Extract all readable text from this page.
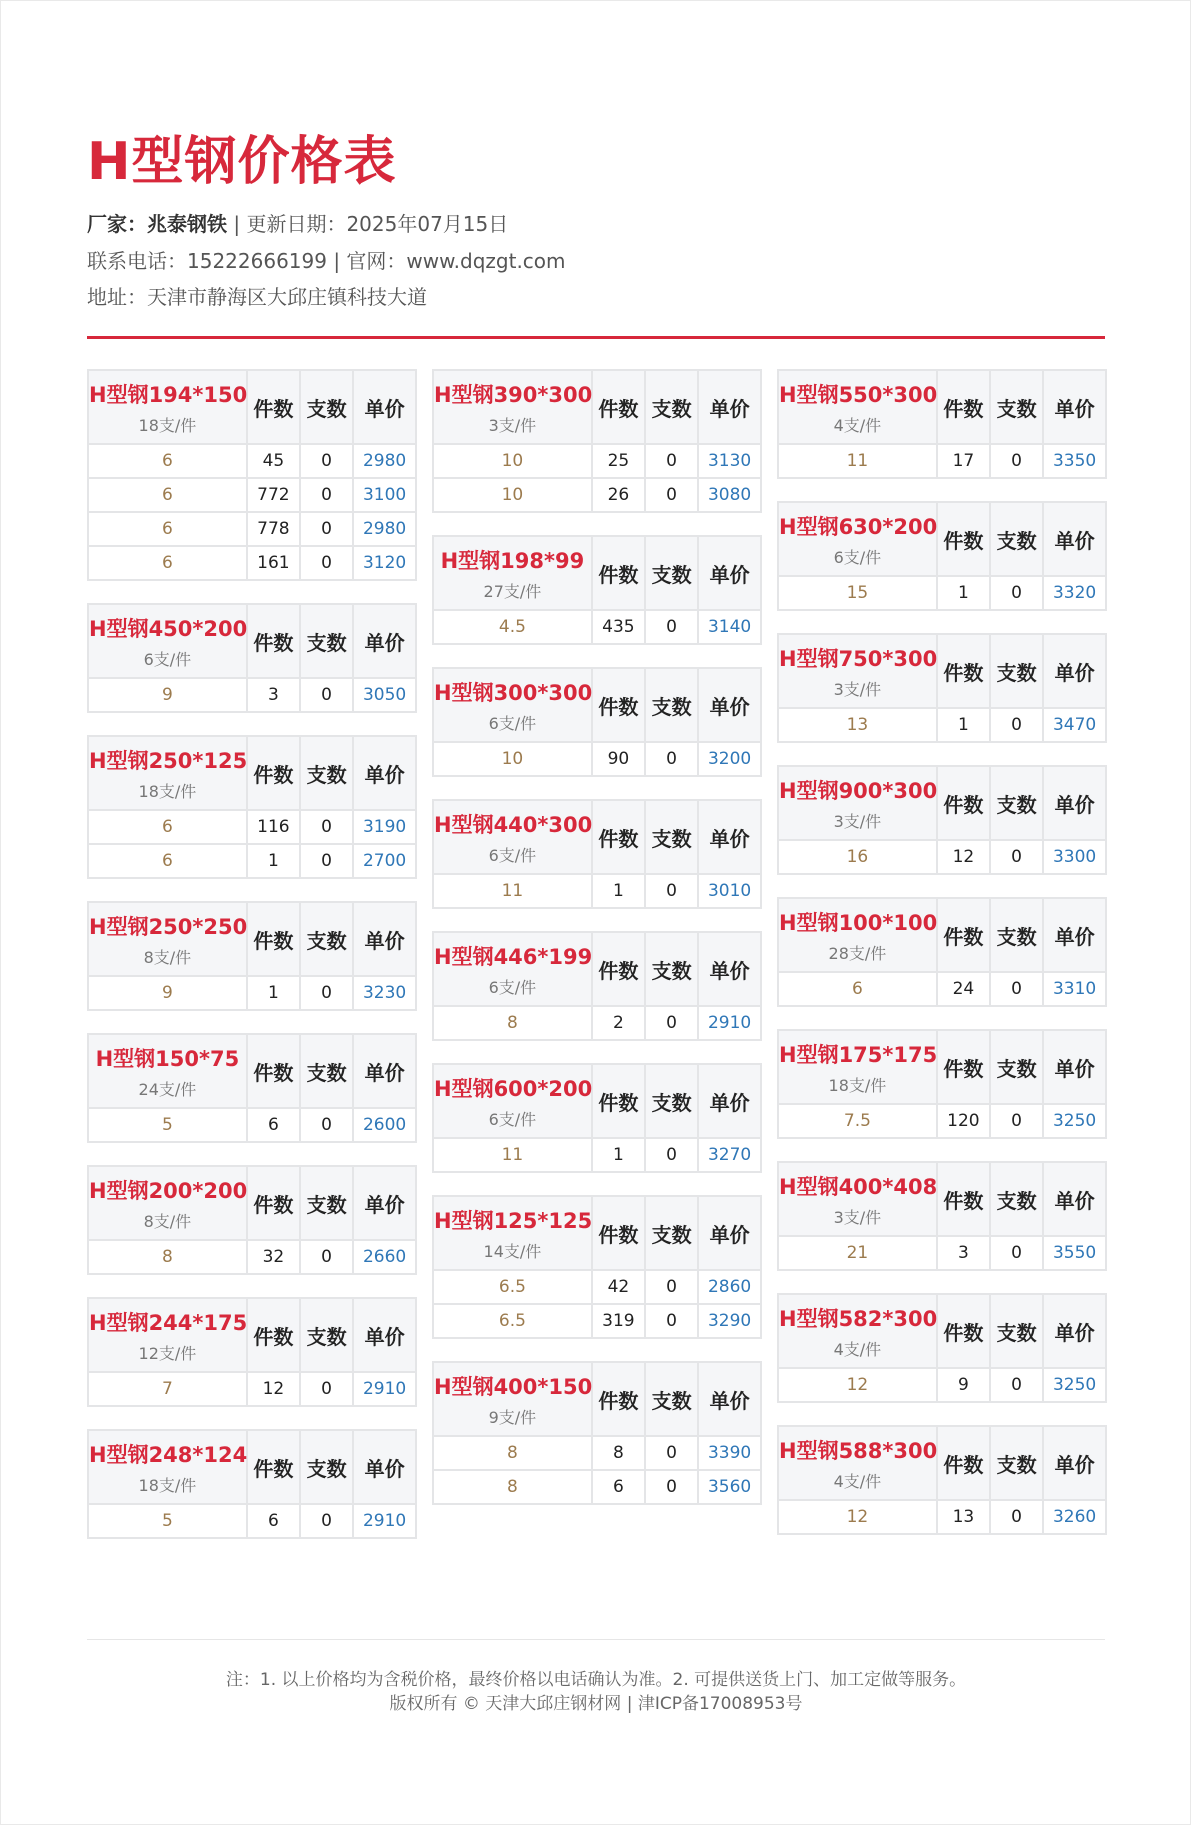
H型钢价格表
厂家：兆泰钢铁 | 更新日期：2025年07月15日
联系电话：15222666199 | 官网：www.dqzgt.com
地址：天津市静海区大邱庄镇科技大道
H型钢194*150
18支/件	件数	支数	单价
6	45	0	2980
6	772	0	3100
6	778	0	2980
6	161	0	3120
H型钢450*200
6支/件	件数	支数	单价
9	3	0	3050
H型钢250*125
18支/件	件数	支数	单价
6	116	0	3190
6	1	0	2700
H型钢250*250
8支/件	件数	支数	单价
9	1	0	3230
H型钢150*75
24支/件	件数	支数	单价
5	6	0	2600
H型钢200*200
8支/件	件数	支数	单价
8	32	0	2660
H型钢244*175
12支/件	件数	支数	单价
7	12	0	2910
H型钢248*124
18支/件	件数	支数	单价
5	6	0	2910
H型钢390*300
3支/件	件数	支数	单价
10	25	0	3130
10	26	0	3080
H型钢198*99
27支/件	件数	支数	单价
4.5	435	0	3140
H型钢300*300
6支/件	件数	支数	单价
10	90	0	3200
H型钢440*300
6支/件	件数	支数	单价
11	1	0	3010
H型钢446*199
6支/件	件数	支数	单价
8	2	0	2910
H型钢600*200
6支/件	件数	支数	单价
11	1	0	3270
H型钢125*125
14支/件	件数	支数	单价
6.5	42	0	2860
6.5	319	0	3290
H型钢400*150
9支/件	件数	支数	单价
8	8	0	3390
8	6	0	3560
H型钢550*300
4支/件	件数	支数	单价
11	17	0	3350
H型钢630*200
6支/件	件数	支数	单价
15	1	0	3320
H型钢750*300
3支/件	件数	支数	单价
13	1	0	3470
H型钢900*300
3支/件	件数	支数	单价
16	12	0	3300
H型钢100*100
28支/件	件数	支数	单价
6	24	0	3310
H型钢175*175
18支/件	件数	支数	单价
7.5	120	0	3250
H型钢400*408
3支/件	件数	支数	单价
21	3	0	3550
H型钢582*300
4支/件	件数	支数	单价
12	9	0	3250
H型钢588*300
4支/件	件数	支数	单价
12	13	0	3260
注：1. 以上价格均为含税价格，最终价格以电话确认为准。2. 可提供送货上门、加工定做等服务。
版权所有 © 天津大邱庄钢材网 | 津ICP备17008953号
